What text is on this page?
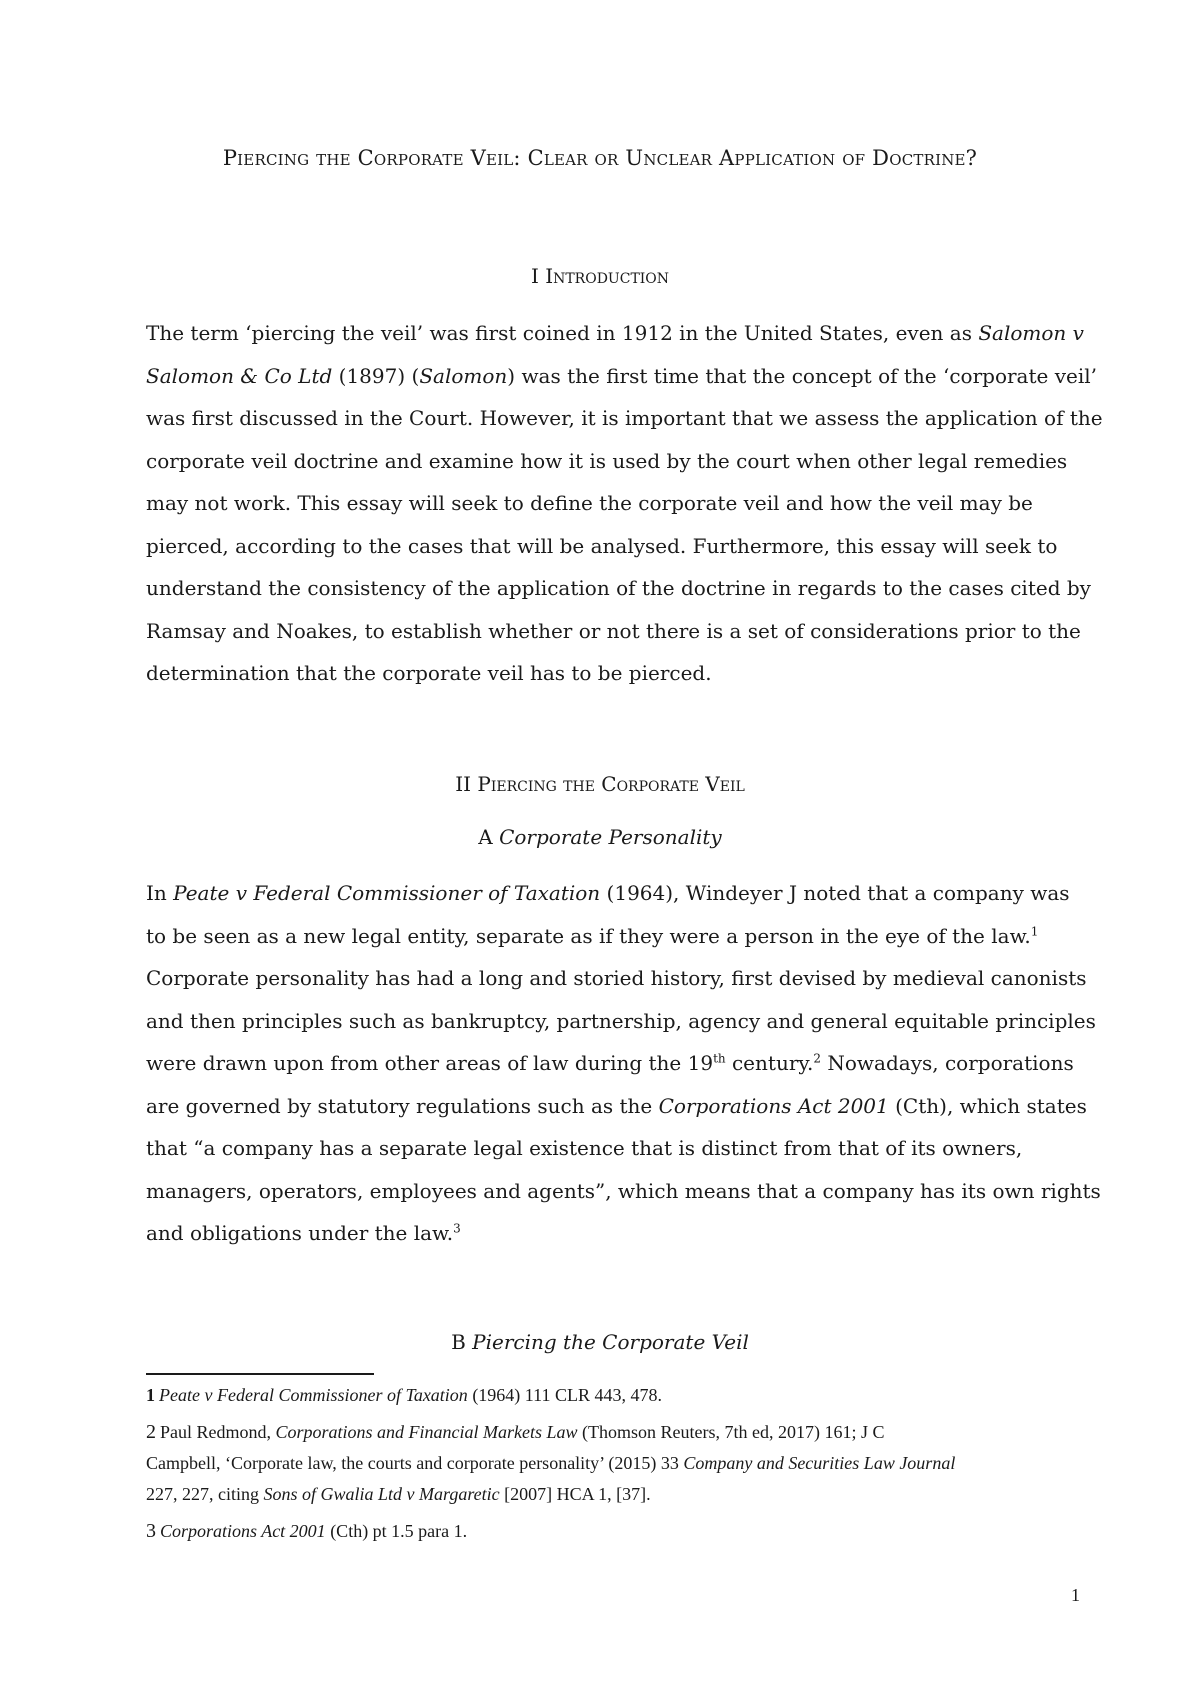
Piercing the Corporate Veil: Clear or Unclear Application of Doctrine?
I Introduction
The term ‘piercing the veil’ was first coined in 1912 in the United States, even as Salomon v
Salomon & Co Ltd (1897) (Salomon) was the first time that the concept of the ‘corporate veil’
was first discussed in the Court. However, it is important that we assess the application of the
corporate veil doctrine and examine how it is used by the court when other legal remedies
may not work. This essay will seek to define the corporate veil and how the veil may be
pierced, according to the cases that will be analysed. Furthermore, this essay will seek to
understand the consistency of the application of the doctrine in regards to the cases cited by
Ramsay and Noakes, to establish whether or not there is a set of considerations prior to the
determination that the corporate veil has to be pierced.
II Piercing the Corporate Veil
A Corporate Personality
In Peate v Federal Commissioner of Taxation (1964), Windeyer J noted that a company was
to be seen as a new legal entity, separate as if they were a person in the eye of the law.$^1$
Corporate personality has had a long and storied history, first devised by medieval canonists
and then principles such as bankruptcy, partnership, agency and general equitable principles
were drawn upon from other areas of law during the 19th century.$^2$ Nowadays, corporations
are governed by statutory regulations such as the Corporations Act 2001 (Cth), which states
that “a company has a separate legal existence that is distinct from that of its owners,
managers, operators, employees and agents”, which means that a company has its own rights
and obligations under the law.$^3$
B Piercing the Corporate Veil
1 Peate v Federal Commissioner of Taxation (1964) 111 CLR 443, 478.
2 Paul Redmond, Corporations and Financial Markets Law (Thomson Reuters, 7th ed, 2017) 161; J C
Campbell, ‘Corporate law, the courts and corporate personality’ (2015) 33 Company and Securities Law Journal
227, 227, citing Sons of Gwalia Ltd v Margaretic [2007] HCA 1, [37].
3 Corporations Act 2001 (Cth) pt 1.5 para 1.
1
